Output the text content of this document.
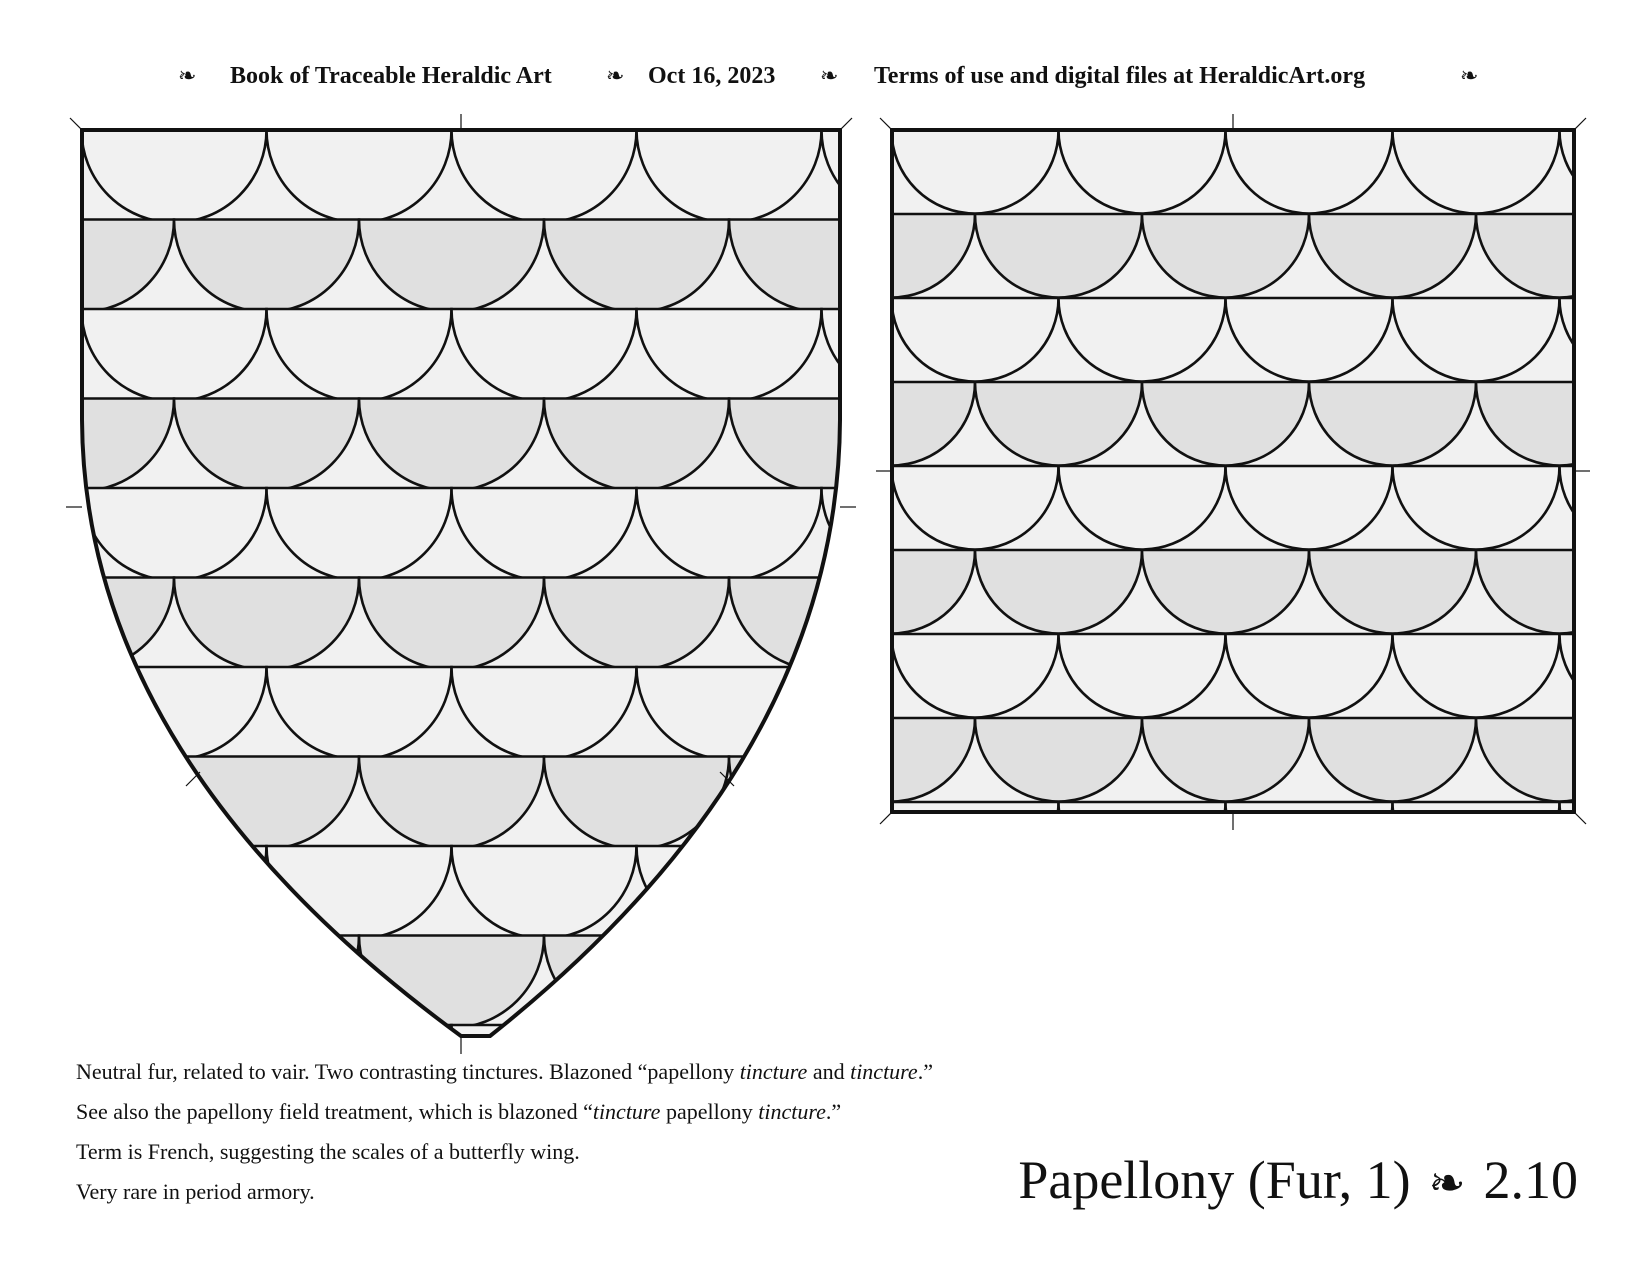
❧ Book of Traceable Heraldic Art ❧ Oct 16, 2023 ❧ Terms of use and digital files at HeraldicArt.org	❧

Neutral fur, related to vair. Two contrasting tinctures. Blazoned “papellony tincture and tincture.”

See also the papellony field treatment, which is blazoned “tincture papellony tincture.”

Term is French, suggesting the scales of a butterfly wing.

Very rare in period armory.	Papellony (Fur, 1) ❧ 2.10
